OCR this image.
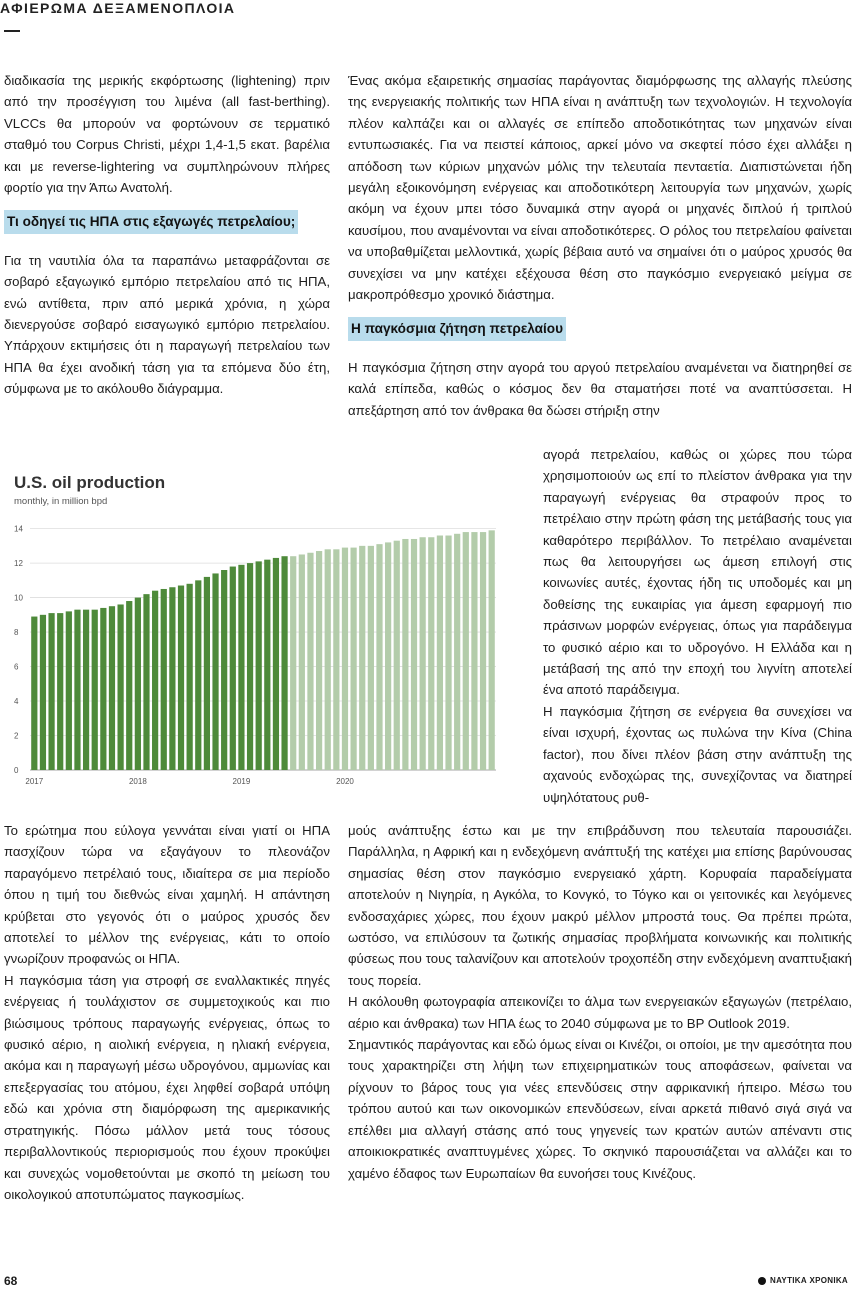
ΑΦΙΕΡΩΜΑ ΔΕΞΑΜΕΝΟΠΛΟΙΑ

διαδικασία της μερικής εκφόρτωσης (lightening) πριν από την προσέγγιση του λιμένα (all fast-berthing). VLCCs θα μπορούν να φορτώνουν σε τερματικό σταθμό του Corpus Christi, μέχρι 1,4-1,5 εκατ. βαρέλια και με reverse-lightering να συμπληρώνουν πλήρες φορτίο για την Άπω Ανατολή.

Τι οδηγεί τις ΗΠΑ στις εξαγωγές πετρελαίου;

Για τη ναυτιλία όλα τα παραπάνω μεταφράζονται σε σοβαρό εξαγωγικό εμπόριο πετρελαίου από τις ΗΠΑ, ενώ αντίθετα, πριν από μερικά χρόνια, η χώρα διενεργούσε σοβαρό εισαγωγικό εμπόριο πετρελαίου. Υπάρχουν εκτιμήσεις ότι η παραγωγή πετρελαίου των ΗΠΑ θα έχει ανοδική τάση για τα επόμενα δύο έτη, σύμφωνα με το ακόλουθο διάγραμμα.

U.S. oil production
monthly, in million bpd
0
2
4
6
8
10
12
14
2017	2018	2019	2020

Το ερώτημα που εύλογα γεννάται είναι γιατί οι ΗΠΑ πασχίζουν τώρα να εξαγάγουν το πλεονάζον παραγόμενο πετρέλαιό τους, ιδιαίτερα σε μια περίοδο όπου η τιμή του διεθνώς είναι χαμηλή. Η απάντηση κρύβεται στο γεγονός ότι ο μαύρος χρυσός δεν αποτελεί το μέλλον της ενέργειας, κάτι το οποίο γνωρίζουν προφανώς οι ΗΠΑ.

Η παγκόσμια τάση για στροφή σε εναλλακτικές πηγές ενέργειας ή τουλάχιστον σε συμμετοχικούς και πιο βιώσιμους τρόπους παραγωγής ενέργειας, όπως το φυσικό αέριο, η αιολική ενέργεια, η ηλιακή ενέργεια, ακόμα και η παραγωγή μέσω υδρογόνου, αμμωνίας και επεξεργασίας του ατόμου, έχει ληφθεί σοβαρά υπόψη εδώ και χρόνια στη διαμόρφωση της αμερικανικής στρατηγικής. Πόσω μάλλον μετά τους τόσους περιβαλλοντικούς περιορισμούς που έχουν προκύψει και συνεχώς νομοθετούνται με σκοπό τη μείωση του οικολογικού αποτυπώματος παγκοσμίως.

Ένας ακόμα εξαιρετικής σημασίας παράγοντας διαμόρφωσης της αλλαγής πλεύσης της ενεργειακής πολιτικής των ΗΠΑ είναι η ανάπτυξη των τεχνολογιών. Η τεχνολογία πλέον καλπάζει και οι αλλαγές σε επίπεδο αποδοτικότητας των μηχανών είναι εντυπωσιακές. Για να πειστεί κάποιος, αρκεί μόνο να σκεφτεί πόσο έχει αλλάξει η απόδοση των κύριων μηχανών μόλις την τελευταία πενταετία. Διαπιστώνεται ήδη μεγάλη εξοικονόμηση ενέργειας και αποδοτικότερη λειτουργία των μηχανών, χωρίς ακόμη να έχουν μπει τόσο δυναμικά στην αγορά οι μηχανές διπλού ή τριπλού καυσίμου, που αναμένονται να είναι αποδοτικότερες. Ο ρόλος του πετρελαίου φαίνεται να υποβαθμίζεται μελλοντικά, χωρίς βέβαια αυτό να σημαίνει ότι ο μαύρος χρυσός θα συνεχίσει να μην κατέχει εξέχουσα θέση στο παγκόσμιο ενεργειακό μείγμα σε μακροπρόθεσμο χρονικό διάστημα.

Η παγκόσμια ζήτηση πετρελαίου

Η παγκόσμια ζήτηση στην αγορά του αργού πετρελαίου αναμένεται να διατηρηθεί σε καλά επίπεδα, καθώς ο κόσμος δεν θα σταματήσει ποτέ να αναπτύσσεται. Η απεξάρτηση από τον άνθρακα θα δώσει στήριξη στην

αγορά πετρελαίου, καθώς οι χώρες που τώρα χρησιμοποιούν ως επί το πλείστον άνθρακα για την παραγωγή ενέργειας θα στραφούν προς το πετρέλαιο στην πρώτη φάση της μετάβασής τους για καθαρότερο περιβάλλον. Το πετρέλαιο αναμένεται πως θα λειτουργήσει ως άμεση επιλογή στις κοινωνίες αυτές, έχοντας ήδη τις υποδομές και μη δοθείσης της ευκαιρίας για άμεση εφαρμογή πιο πράσινων μορφών ενέργειας, όπως για παράδειγμα το φυσικό αέριο και το υδρογόνο. Η Ελλάδα και η μετάβασή της από την εποχή του λιγνίτη αποτελεί ένα αποτό παράδειγμα.

Η παγκόσμια ζήτηση σε ενέργεια θα συνεχίσει να είναι ισχυρή, έχοντας ως πυλώνα την Κίνα (China factor), που δίνει πλέον βάση στην ανάπτυξη της αχανούς ενδοχώρας της, συνεχίζοντας να διατηρεί υψηλότατους ρυθ-

μούς ανάπτυξης έστω και με την επιβράδυνση που τελευταία παρουσιάζει. Παράλληλα, η Αφρική και η ενδεχόμενη ανάπτυξή της κατέχει μια επίσης βαρύνουσας σημασίας θέση στον παγκόσμιο ενεργειακό χάρτη. Κορυφαία παραδείγματα αποτελούν η Νιγηρία, η Αγκόλα, το Κονγκό, το Τόγκο και οι γειτονικές και λεγόμενες ενδοσαχάριες χώρες, που έχουν μακρύ μέλλον μπροστά τους. Θα πρέπει πρώτα, ωστόσο, να επιλύσουν τα ζωτικής σημασίας προβλήματα κοινωνικής και πολιτικής φύσεως που τους ταλανίζουν και αποτελούν τροχοπέδη στην ενδεχόμενη αναπτυξιακή τους πορεία.

Η ακόλουθη φωτογραφία απεικονίζει το άλμα των ενεργειακών εξαγωγών (πετρέλαιο, αέριο και άνθρακα) των ΗΠΑ έως το 2040 σύμφωνα με το BP Outlook 2019.

Σημαντικός παράγοντας και εδώ όμως είναι οι Κινέζοι, οι οποίοι, με την αμεσότητα που τους χαρακτηρίζει στη λήψη των επιχειρηματικών τους αποφάσεων, φαίνεται να ρίχνουν το βάρος τους για νέες επενδύσεις στην αφρικανική ήπειρο. Μέσω του τρόπου αυτού και των οικονομικών επενδύσεων, είναι αρκετά πιθανό σιγά σιγά να επέλθει μια αλλαγή στάσης από τους γηγενείς των κρατών αυτών απέναντι στις αποικιοκρατικές αναπτυγμένες χώρες. Το σκηνικό παρουσιάζεται να αλλάζει και το χαμένο έδαφος των Ευρωπαίων θα ευνοήσει τους Κινέζους.

68	ΝΑΥΤΙΚΑ ΧΡΟΝΙΚΑ
